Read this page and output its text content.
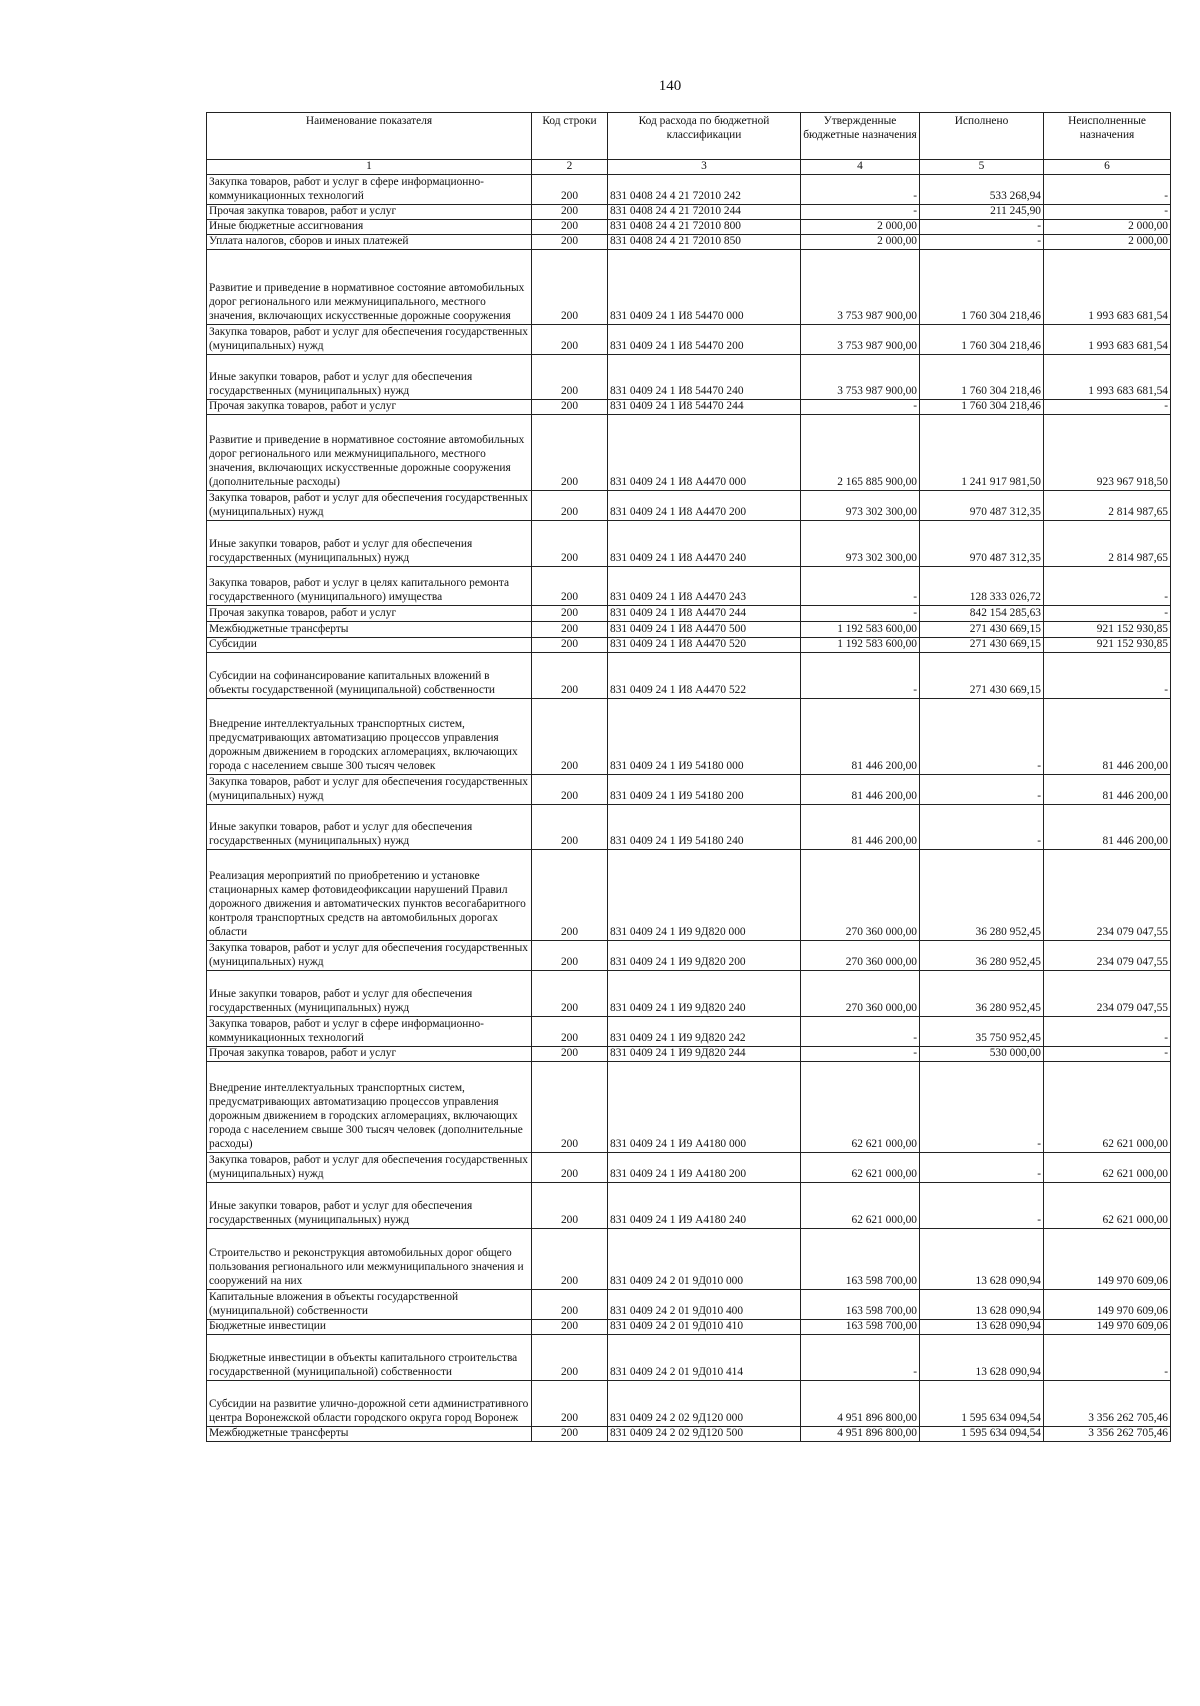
140
Наименование показателя	Код строки	Код расхода по бюджетной классификации	Утвержденные бюджетные назначения	Исполнено	Неисполненные назначения
1	2	3	4	5	6
Закупка товаров, работ и услуг в сфере информационно-коммуникационных технологий	200	831 0408 24 4 21 72010 242	-	533 268,94	-
Прочая закупка товаров, работ и услуг	200	831 0408 24 4 21 72010 244	-	211 245,90	-
Иные бюджетные ассигнования	200	831 0408 24 4 21 72010 800	2 000,00	-	2 000,00
Уплата налогов, сборов и иных платежей	200	831 0408 24 4 21 72010 850	2 000,00	-	2 000,00
Развитие и приведение в нормативное состояние автомобильных дорог регионального или межмуниципального, местного значения, включающих искусственные дорожные сооружения	200	831 0409 24 1 И8 54470 000	3 753 987 900,00	1 760 304 218,46	1 993 683 681,54
Закупка товаров, работ и услуг для обеспечения государственных (муниципальных) нужд	200	831 0409 24 1 И8 54470 200	3 753 987 900,00	1 760 304 218,46	1 993 683 681,54
Иные закупки товаров, работ и услуг для обеспечения государственных (муниципальных) нужд	200	831 0409 24 1 И8 54470 240	3 753 987 900,00	1 760 304 218,46	1 993 683 681,54
Прочая закупка товаров, работ и услуг	200	831 0409 24 1 И8 54470 244	-	1 760 304 218,46	-
Развитие и приведение в нормативное состояние автомобильных дорог регионального или межмуниципального, местного значения, включающих искусственные дорожные сооружения (дополнительные расходы)	200	831 0409 24 1 И8 А4470 000	2 165 885 900,00	1 241 917 981,50	923 967 918,50
Закупка товаров, работ и услуг для обеспечения государственных (муниципальных) нужд	200	831 0409 24 1 И8 А4470 200	973 302 300,00	970 487 312,35	2 814 987,65
Иные закупки товаров, работ и услуг для обеспечения государственных (муниципальных) нужд	200	831 0409 24 1 И8 А4470 240	973 302 300,00	970 487 312,35	2 814 987,65
Закупка товаров, работ и услуг в целях капитального ремонта государственного (муниципального) имущества	200	831 0409 24 1 И8 А4470 243	-	128 333 026,72	-
Прочая закупка товаров, работ и услуг	200	831 0409 24 1 И8 А4470 244	-	842 154 285,63	-
Межбюджетные трансферты	200	831 0409 24 1 И8 А4470 500	1 192 583 600,00	271 430 669,15	921 152 930,85
Субсидии	200	831 0409 24 1 И8 А4470 520	1 192 583 600,00	271 430 669,15	921 152 930,85
Субсидии на софинансирование капитальных вложений в объекты государственной (муниципальной) собственности	200	831 0409 24 1 И8 А4470 522	-	271 430 669,15	-
Внедрение интеллектуальных транспортных систем, предусматривающих автоматизацию процессов управления дорожным движением в городских агломерациях, включающих города с населением свыше 300 тысяч человек	200	831 0409 24 1 И9 54180 000	81 446 200,00	-	81 446 200,00
Закупка товаров, работ и услуг для обеспечения государственных (муниципальных) нужд	200	831 0409 24 1 И9 54180 200	81 446 200,00	-	81 446 200,00
Иные закупки товаров, работ и услуг для обеспечения государственных (муниципальных) нужд	200	831 0409 24 1 И9 54180 240	81 446 200,00	-	81 446 200,00
Реализация мероприятий по приобретению и установке стационарных камер фотовидеофиксации нарушений Правил дорожного движения и автоматических пунктов весогабаритного контроля транспортных средств на автомобильных дорогах области	200	831 0409 24 1 И9 9Д820 000	270 360 000,00	36 280 952,45	234 079 047,55
Закупка товаров, работ и услуг для обеспечения государственных (муниципальных) нужд	200	831 0409 24 1 И9 9Д820 200	270 360 000,00	36 280 952,45	234 079 047,55
Иные закупки товаров, работ и услуг для обеспечения государственных (муниципальных) нужд	200	831 0409 24 1 И9 9Д820 240	270 360 000,00	36 280 952,45	234 079 047,55
Закупка товаров, работ и услуг в сфере информационно-коммуникационных технологий	200	831 0409 24 1 И9 9Д820 242	-	35 750 952,45	-
Прочая закупка товаров, работ и услуг	200	831 0409 24 1 И9 9Д820 244	-	530 000,00	-
Внедрение интеллектуальных транспортных систем, предусматривающих автоматизацию процессов управления дорожным движением в городских агломерациях, включающих города с населением свыше 300 тысяч человек (дополнительные расходы)	200	831 0409 24 1 И9 А4180 000	62 621 000,00	-	62 621 000,00
Закупка товаров, работ и услуг для обеспечения государственных (муниципальных) нужд	200	831 0409 24 1 И9 А4180 200	62 621 000,00	-	62 621 000,00
Иные закупки товаров, работ и услуг для обеспечения государственных (муниципальных) нужд	200	831 0409 24 1 И9 А4180 240	62 621 000,00	-	62 621 000,00
Строительство и реконструкция автомобильных дорог общего пользования регионального или межмуниципального значения и сооружений на них	200	831 0409 24 2 01 9Д010 000	163 598 700,00	13 628 090,94	149 970 609,06
Капитальные вложения в объекты государственной (муниципальной) собственности	200	831 0409 24 2 01 9Д010 400	163 598 700,00	13 628 090,94	149 970 609,06
Бюджетные инвестиции	200	831 0409 24 2 01 9Д010 410	163 598 700,00	13 628 090,94	149 970 609,06
Бюджетные инвестиции в объекты капитального строительства государственной (муниципальной) собственности	200	831 0409 24 2 01 9Д010 414	-	13 628 090,94	-
Субсидии на развитие улично-дорожной сети административного центра Воронежской области городского округа город Воронеж	200	831 0409 24 2 02 9Д120 000	4 951 896 800,00	1 595 634 094,54	3 356 262 705,46
Межбюджетные трансферты	200	831 0409 24 2 02 9Д120 500	4 951 896 800,00	1 595 634 094,54	3 356 262 705,46
